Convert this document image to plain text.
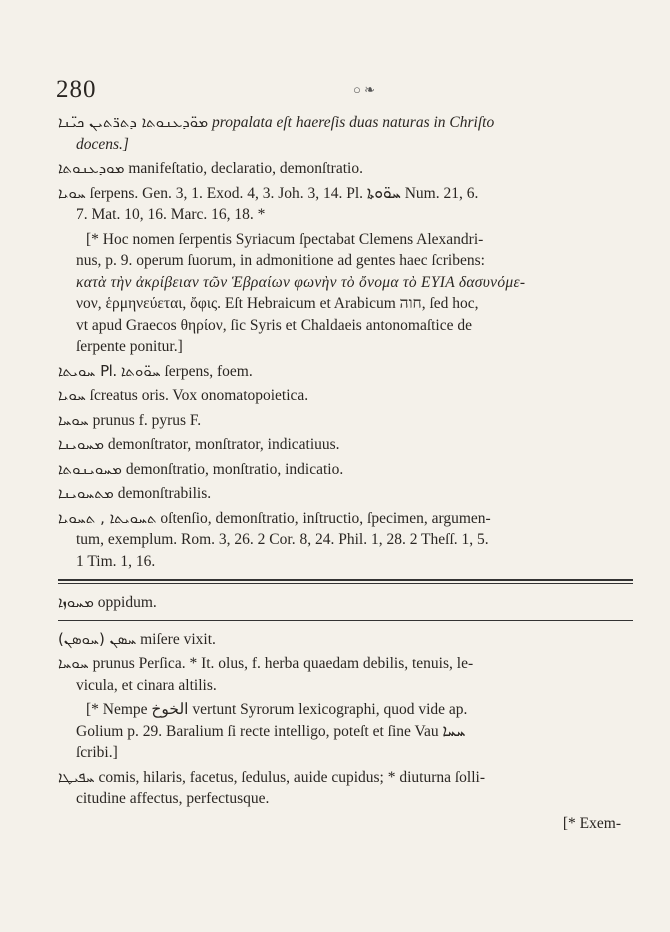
280	○ ❧
ܡܘ̈ܕܥܢܘܬܐ ܕܬܪ̈ܬܝܢ ܟܝ̈ܢܐ propalata eſt haereſis duas naturas in Chriſto
docens.]
ܡܘܕܥܢܘܬܐ manifeſtatio, declaratio, demonſtratio.
ܚܘܝܐ ſerpens. Gen. 3, 1. Exod. 4, 3. Joh. 3, 14. Pl. ܚܘ̈ܘܬܐ Num. 21, 6.
7. Mat. 10, 16. Marc. 16, 18. *
[* Hoc nomen ſerpentis Syriacum ſpectabat Clemens Alexandri-
nus, p. 9. operum ſuorum, in admonitione ad gentes haec ſcribens:
κατὰ τὴν ἀκρίβειαν τῶν Ἑβραίων φωνὴν τὸ ὄνομα τὸ ΕΥΙΑ δασυνόμε-
νον, ἑρμηνεύεται, ὄφις. Eſt Hebraicum et Arabicum חוה, ſed hoc,
vt apud Graecos θηρίον, ſic Syris et Chaldaeis antonomaſtice de
ſerpente ponitur.]
ܚܘܝܬܐ Pl. ܚܘ̈ܘܬܐ ſerpens, foem.
ܚܘܝܐ ſcreatus oris. Vox onomatopoietica.
ܚܘܚܐ prunus f. pyrus F.
ܡܚܘܝܢܐ demonſtrator, monſtrator, indicatiuus.
ܡܚܘܝܢܘܬܐ demonſtratio, monſtratio, indicatio.
ܡܬܚܘܝܢܐ demonſtrabilis.
ܬܚܘܝܬܐ , ܬܚܘܝܐ oſtenſio, demonſtratio, inſtructio, ſpecimen, argumen-
tum, exemplum. Rom. 3, 26. 2 Cor. 8, 24. Phil. 1, 28. 2 Theſſ. 1, 5.
1 Tim. 1, 16.
ܡܚܘܙܐ oppidum.
(ܚܘܣܢ) ܚܣܢ miſere vixit.
ܚܘܚܐ prunus Perſica. * It. olus, f. herba quaedam debilis, tenuis, le-
vicula, et cinara altilis.
[* Nempe الخوخ vertunt Syrorum lexicographi, quod vide ap.
Golium p. 29. Baralium ſi recte intelligo, poteſt et ſine Vau ܚܚܐ
ſcribi.]
ܚܦܝܛܐ comis, hilaris, facetus, ſedulus, auide cupidus; * diuturna ſolli-
citudine affectus, perfectusque.
[* Exem-
